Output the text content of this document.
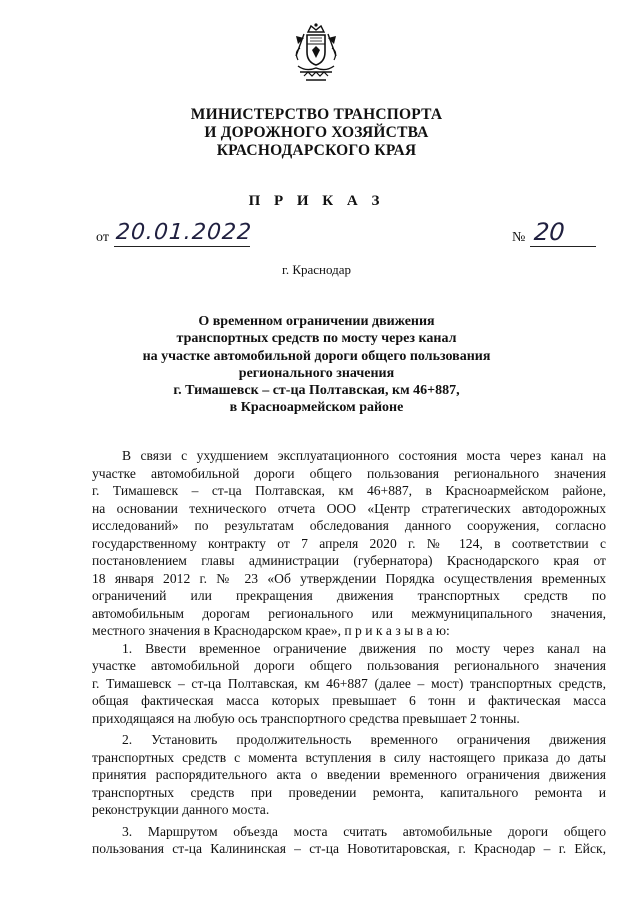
МИНИСТЕРСТВО ТРАНСПОРТА
И ДОРОЖНОГО ХОЗЯЙСТВА
КРАСНОДАРСКОГО КРАЯ
П Р И К А З
от 20.01.2022	№ 20
г. Краснодар
О временном ограничении движения
транспортных средств по мосту через канал
на участке автомобильной дороги общего пользования
регионального значения
г. Тимашевск – ст-ца Полтавская, км 46+887,
в Красноармейском районе
В связи с ухудшением эксплуатационного состояния моста через канал на
участке автомобильной дороги общего пользования регионального значения
г. Тимашевск – ст-ца Полтавская, км 46+887, в Красноармейском районе,
на основании технического отчета ООО «Центр стратегических автодорожных
исследований» по результатам обследования данного сооружения, согласно
государственному контракту от 7 апреля 2020 г. № 124, в соответствии с
постановлением главы администрации (губернатора) Краснодарского края от
18 января 2012 г. № 23 «Об утверждении Порядка осуществления временных
ограничений или прекращения движения транспортных средств по
автомобильным дорогам регионального или межмуниципального значения,
местного значения в Краснодарском крае», п р и к а з ы в а ю:
1. Ввести временное ограничение движения по мосту через канал на
участке автомобильной дороги общего пользования регионального значения
г. Тимашевск – ст-ца Полтавская, км 46+887 (далее – мост) транспортных средств,
общая фактическая масса которых превышает 6 тонн и фактическая масса
приходящаяся на любую ось транспортного средства превышает 2 тонны.
2. Установить продолжительность временного ограничения движения
транспортных средств с момента вступления в силу настоящего приказа до даты
принятия распорядительного акта о введении временного ограничения движения
транспортных средств при проведении ремонта, капитального ремонта и
реконструкции данного моста.
3. Маршрутом объезда моста считать автомобильные дороги общего
пользования ст-ца Калининская – ст-ца Новотитаровская, г. Краснодар – г. Ейск,
